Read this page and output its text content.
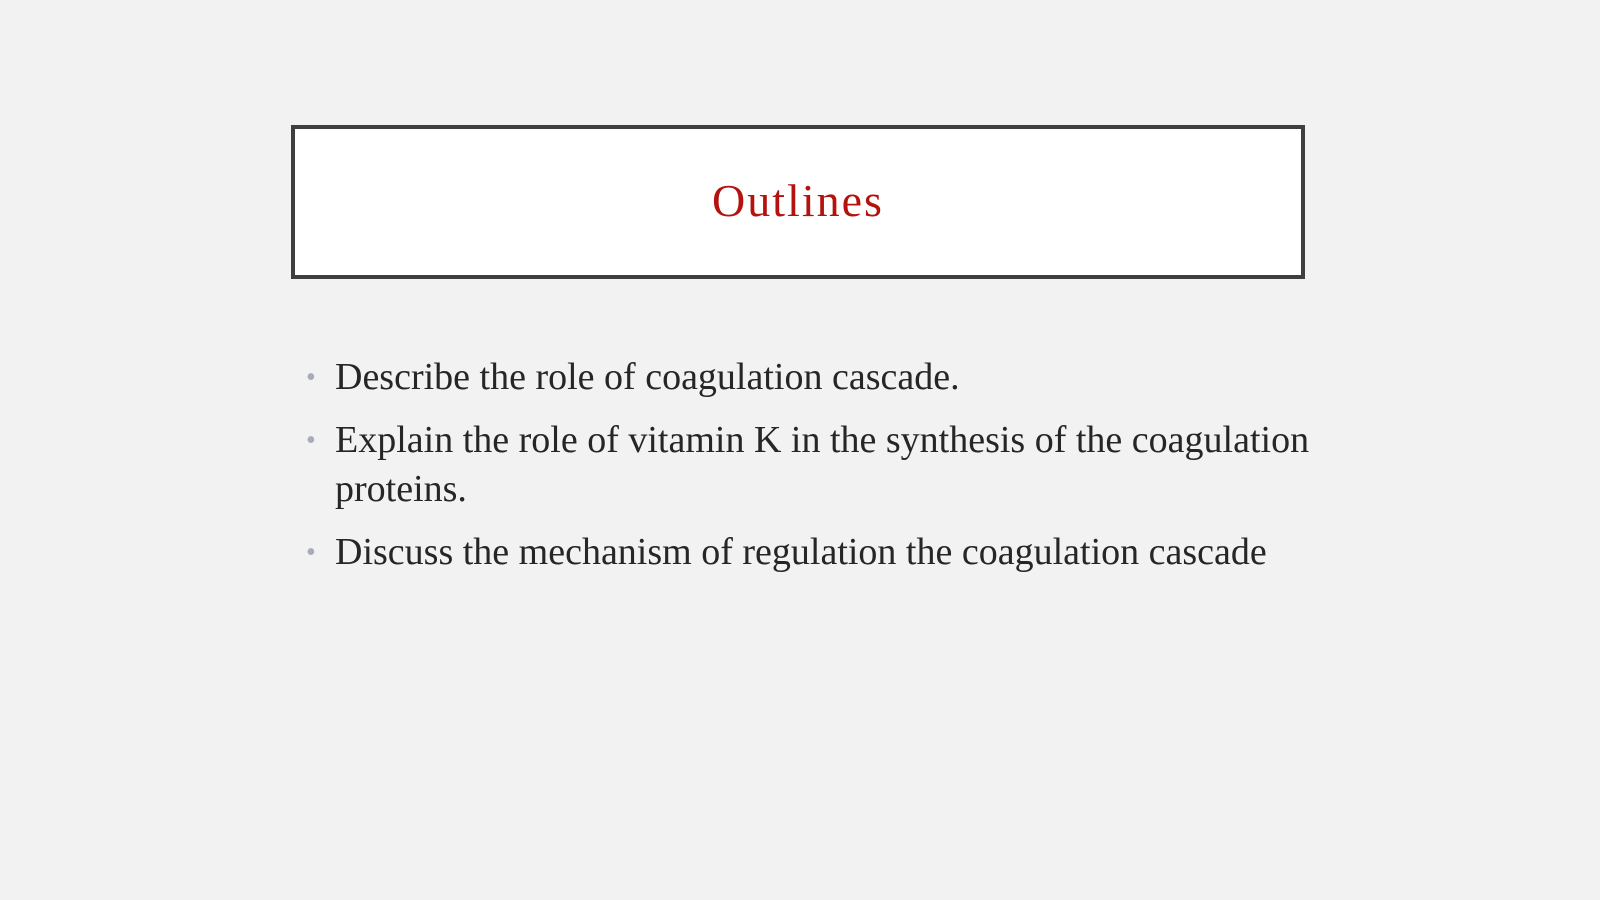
Outlines
• Describe the role of coagulation cascade.
• Explain the role of vitamin K in the synthesis of the coagulation proteins.
• Discuss the mechanism of regulation the coagulation cascade
